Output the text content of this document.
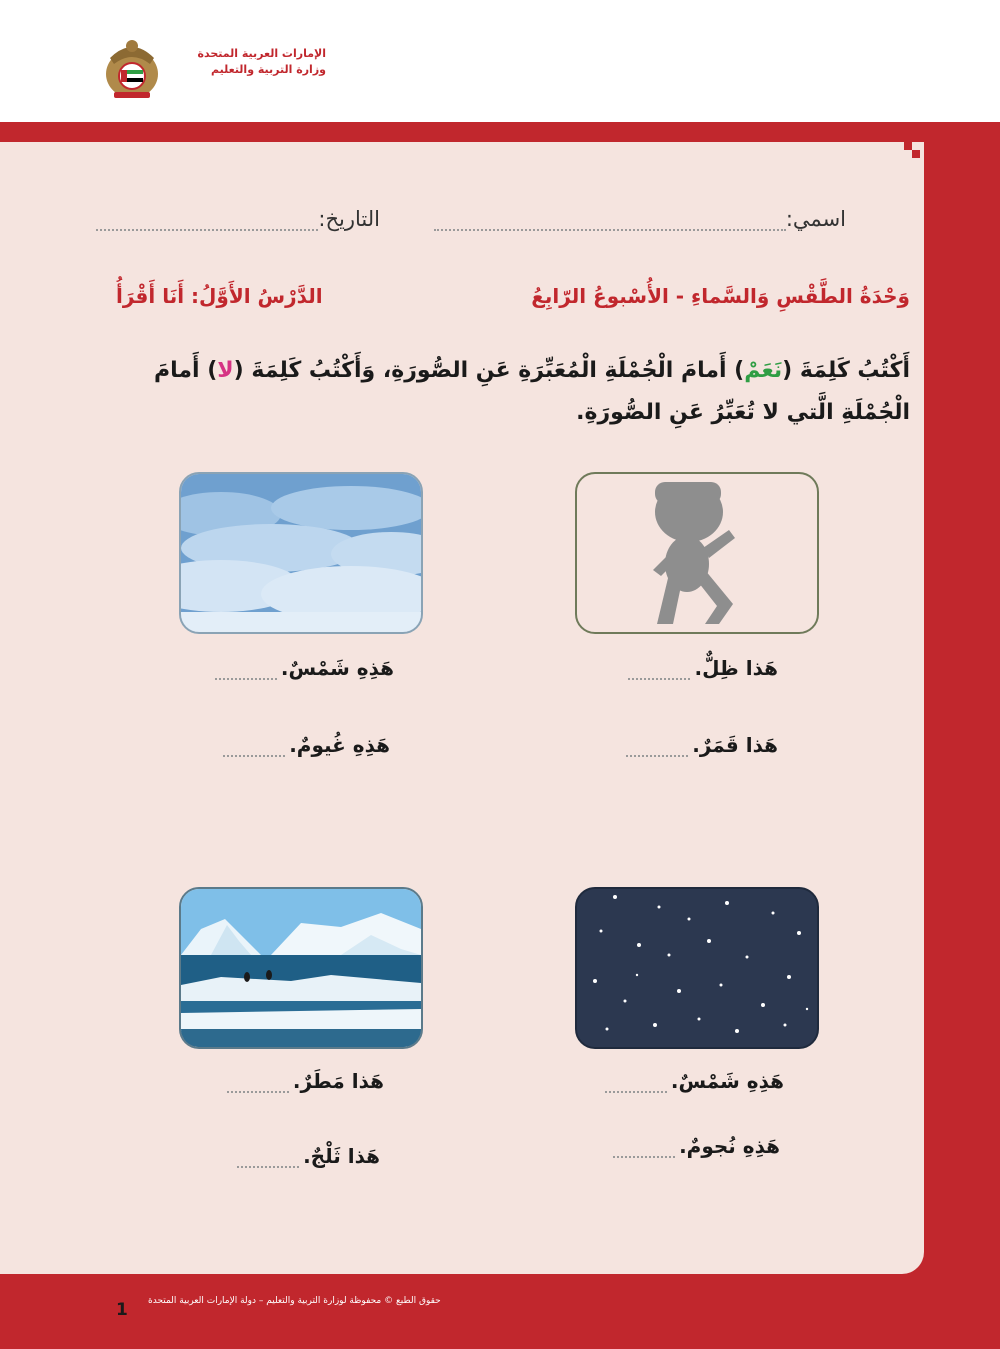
الإمارات العربية المتحدة
وزارة التربية والتعليم
اسمي:
التاريخ:
وَحْدَةُ الطَّقْسِ وَالسَّماءِ - الأُسْبوعُ الرّابِعُ
الدَّرْسُ الأَوَّلُ: أَنَا أَقْرَأُ
أَكْتُبُ كَلِمَةَ (نَعَمْ) أَمامَ الْجُمْلَةِ الْمُعَبِّرَةِ عَنِ الصُّورَةِ، وَأَكْتُبُ كَلِمَةَ (لا) أَمامَ الْجُمْلَةِ الَّتي لا تُعَبِّرُ عَنِ الصُّورَةِ.
هَذا ظِلٌّ.
هَذا قَمَرٌ.
هَذِهِ شَمْسٌ.
هَذِهِ غُيومٌ.
هَذِهِ شَمْسٌ.
هَذِهِ نُجومٌ.
هَذا مَطَرٌ.
هَذا ثَلْجٌ.
حقوق الطبع © محفوظة لوزارة التربية والتعليم – دولة الإمارات العربية المتحدة
1
